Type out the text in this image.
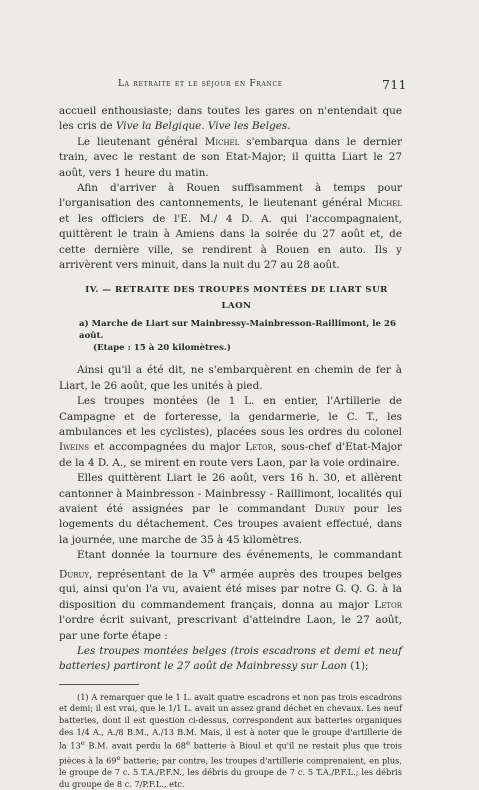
La retraite et le séjour en France	711

accueil enthousiaste; dans toutes les gares on n'entendait que les cris de Vive la Belgique. Vive les Belges.

Le lieutenant général Michel s'embarqua dans le dernier train, avec le restant de son Etat-Major; il quitta Liart le 27 août, vers 1 heure du matin.

Afin d'arriver à Rouen suffisamment à temps pour l'organisation des cantonnements, le lieutenant général Michel et les officiers de l'E. M./ 4 D. A. qui l'accompagnaient, quittèrent le train à Amiens dans la soirée du 27 août et, de cette dernière ville, se rendirent à Rouen en auto. Ils y arrivèrent vers minuit, dans la nuit du 27 au 28 août.

IV. — RETRAITE DES TROUPES MONTÉES DE LIART SUR LAON
a) Marche de Liart sur Mainbressy-Mainbresson-Raillimont, le 26 août.
(Etape : 15 à 20 kilomètres.)

Ainsi qu'il a été dit, ne s'embarquèrent en chemin de fer à Liart, le 26 août, que les unités à pied.

Les troupes montées (le 1 L. en entier, l'Artillerie de Campagne et de forteresse, la gendarmerie, le C. T., les ambulances et les cyclistes), placées sous les ordres du colonel Iweins et accompagnées du major Letor, sous-chef d'Etat-Major de la 4 D. A., se mirent en route vers Laon, par la voie ordinaire.

Elles quittèrent Liart le 26 août, vers 16 h. 30, et allèrent cantonner à Mainbresson - Mainbressy - Raillimont, localités qui avaient été assignées par le commandant Duruy pour les logements du détachement. Ces troupes avaient effectué, dans la journée, une marche de 35 à 45 kilomètres.

Etant donnée la tournure des événements, le commandant Duruy, représentant de la Ve armée auprès des troupes belges qui, ainsi qu'on l'a vu, avaient été mises par notre G. Q. G. à la disposition du commandement français, donna au major Letor l'ordre écrit suivant, prescrivant d'atteindre Laon, le 27 août, par une forte étape :

Les troupes montées belges (trois escadrons et demi et neuf batteries) partiront le 27 août de Mainbressy sur Laon (1);

(1) A remarquer que le 1 L. avait quatre escadrons et non pas trois escadrons et demi; il est vrai, que le 1/1 L. avait un assez grand déchet en chevaux. Les neuf batteries, dont il est question ci-dessus, correspondent aux batteries organiques des 1/4 A., A./8 B.M., A./13 B.M. Mais, il est à noter que le groupe d'artillerie de la 13e B.M. avait perdu la 68e batterie à Bioul et qu'il ne restait plus que trois pièces à la 69e batterie; par contre, les troupes d'artillerie comprenaient, en plus, le groupe de 7 c. 5 T.A./P.F.N., les débris du groupe de 7 c. 5 T.A./P.F.L.; les débris du groupe de 8 c. 7/P.F.L., etc.
